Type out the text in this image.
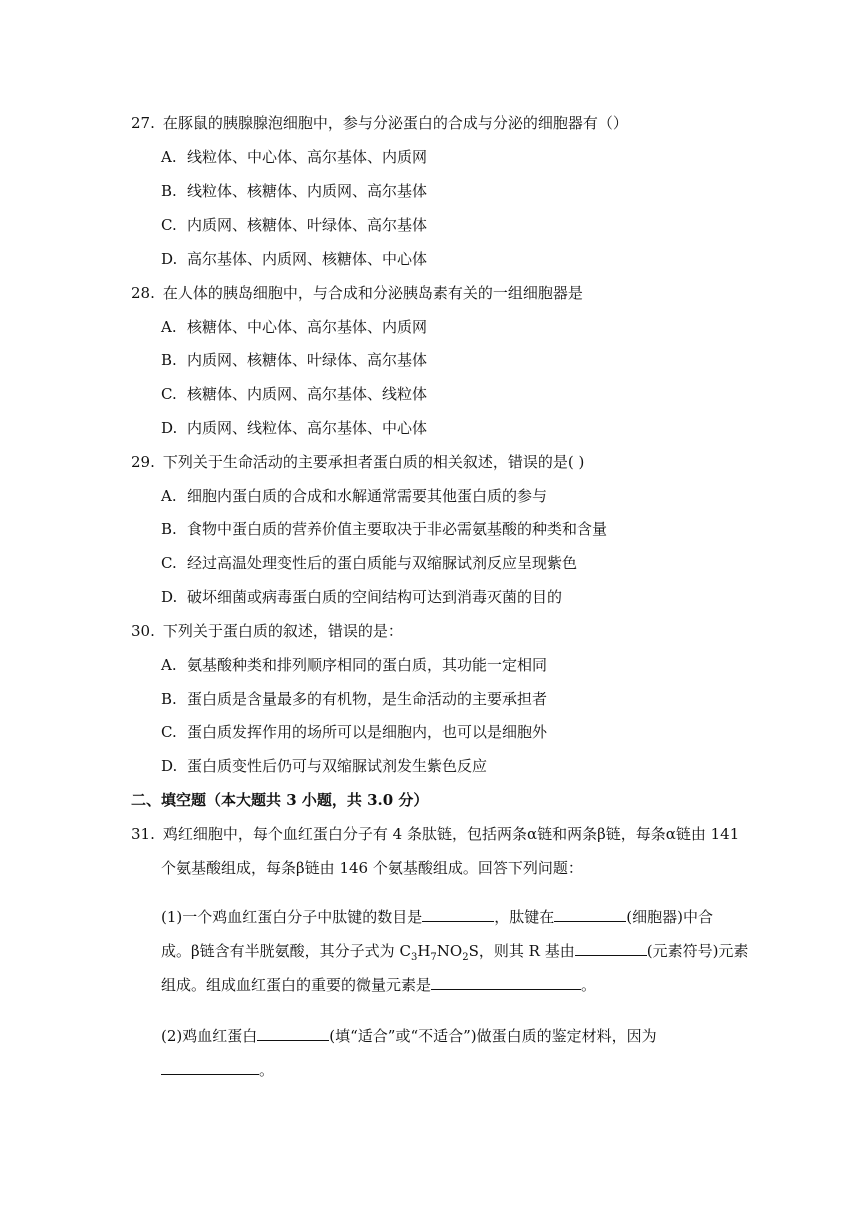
27. 在豚鼠的胰腺腺泡细胞中，参与分泌蛋白的合成与分泌的细胞器有（）
A. 线粒体、中心体、高尔基体、内质网
B. 线粒体、核糖体、内质网、高尔基体
C. 内质网、核糖体、叶绿体、高尔基体
D. 高尔基体、内质网、核糖体、中心体
28. 在人体的胰岛细胞中，与合成和分泌胰岛素有关的一组细胞器是
A. 核糖体、中心体、高尔基体、内质网
B. 内质网、核糖体、叶绿体、高尔基体
C. 核糖体、内质网、高尔基体、线粒体
D. 内质网、线粒体、高尔基体、中心体
29. 下列关于生命活动的主要承担者蛋白质的相关叙述，错误的是( )
A. 细胞内蛋白质的合成和水解通常需要其他蛋白质的参与
B. 食物中蛋白质的营养价值主要取决于非必需氨基酸的种类和含量
C. 经过高温处理变性后的蛋白质能与双缩脲试剂反应呈现紫色
D. 破坏细菌或病毒蛋白质的空间结构可达到消毒灭菌的目的
30. 下列关于蛋白质的叙述，错误的是：
A. 氨基酸种类和排列顺序相同的蛋白质，其功能一定相同
B. 蛋白质是含量最多的有机物，是生命活动的主要承担者
C. 蛋白质发挥作用的场所可以是细胞内，也可以是细胞外
D. 蛋白质变性后仍可与双缩脲试剂发生紫色反应
二、填空题（本大题共 3 小题，共 3.0 分）
31. 鸡红细胞中，每个血红蛋白分子有 4 条肽链，包括两条α链和两条β链，每条α链由 141
个氨基酸组成，每条β链由 146 个氨基酸组成。回答下列问题：
(1)一个鸡血红蛋白分子中肽键的数目是	，肽键在	(细胞器)中合
成。β链含有半胱氨酸，其分子式为 $C_3H_7NO_2S$，则其 R 基由	(元素符号)元素
组成。组成血红蛋白的重要的微量元素是	。
(2)鸡血红蛋白	(填“适合”或“不适合”)做蛋白质的鉴定材料，因为
。
